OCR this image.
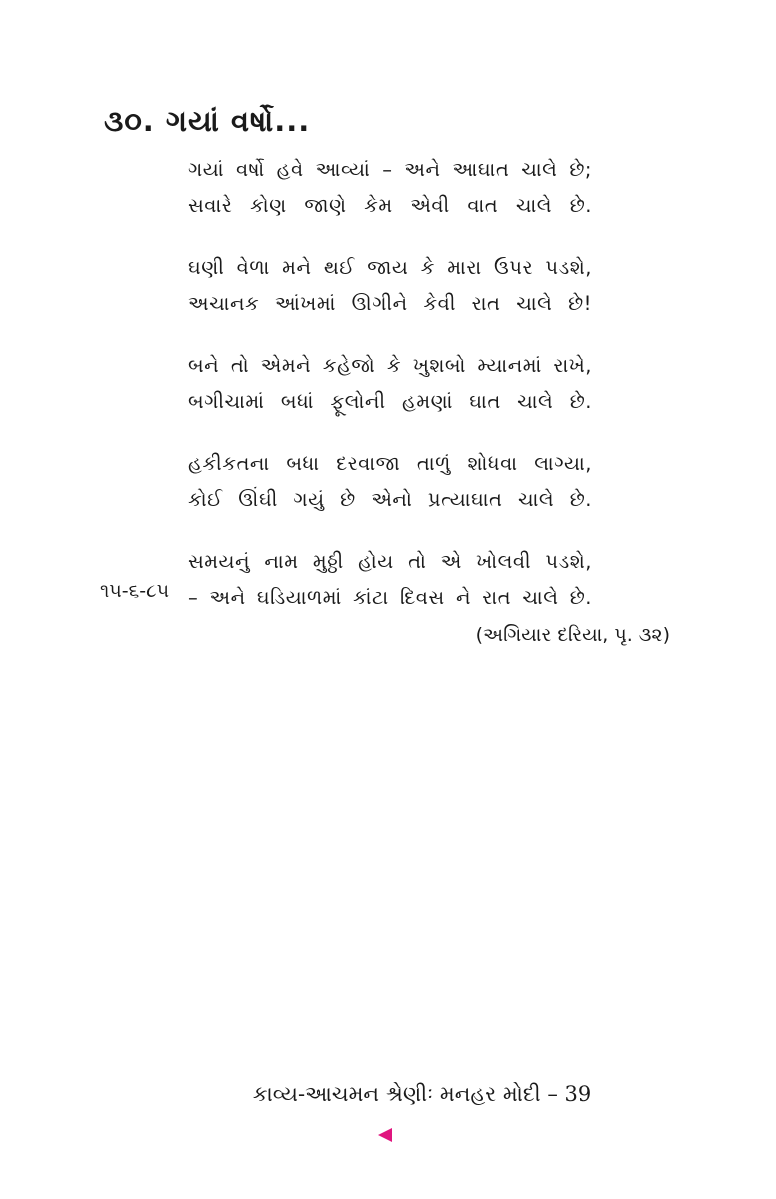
૩૦. ગયાં વર્ષો...
ગયાં વર્ષો હવે આવ્યાં – અને આઘાત ચાલે છે;
સવારે કોણ જાણે કેમ એવી વાત ચાલે છે.
ઘણી વેળા મને થઈ જાય કે મારા ઉપર પડશે,
અચાનક આંખમાં ઊગીને કેવી રાત ચાલે છે!
બને તો એમને કહેજો કે ખુશબો મ્યાનમાં રાખે,
બગીચામાં બધાં ફૂલોની હમણાં ઘાત ચાલે છે.
હકીકતના બધા દરવાજા તાળું શોધવા લાગ્યા,
કોઈ ઊંઘી ગયું છે એનો પ્રત્યાઘાત ચાલે છે.
સમયનું નામ મુઠ્ઠી હોય તો એ ખોલવી પડશે,
– અને ઘડિયાળમાં કાંટા દિવસ ને રાત ચાલે છે.
૧૫-૬-૮૫
(અગિયાર દરિયા, પૃ. ૩૨)
કાવ્ય-આચમન શ્રેણીઃ મનહર મોદી – 39
